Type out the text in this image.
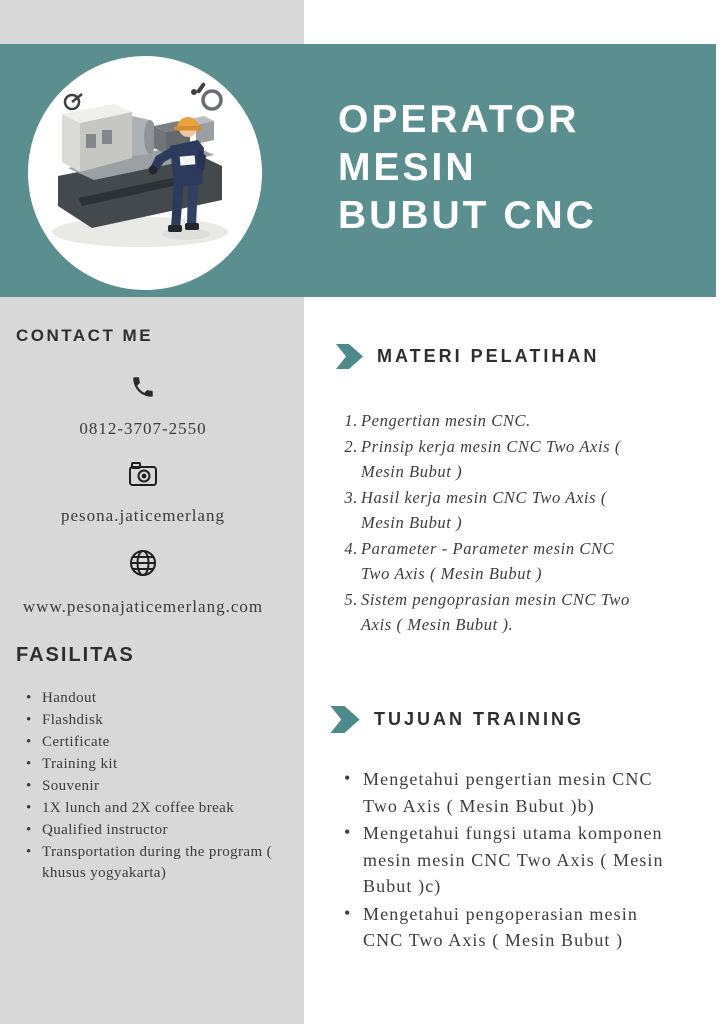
OPERATOR
MESIN
BUBUT CNC
CONTACT ME
0812-3707-2550
pesona.jaticemerlang
www.pesonajaticemerlang.com
FASILITAS
• Handout
• Flashdisk
• Certificate
• Training kit
• Souvenir
• 1X lunch and 2X coffee break
• Qualified instructor
• Transportation during the program ( khusus yogyakarta)
MATERI PELATIHAN
Pengertian mesin CNC.
Prinsip kerja mesin CNC Two Axis ( Mesin Bubut )
Hasil kerja mesin CNC Two Axis ( Mesin Bubut )
Parameter - Parameter mesin CNC Two Axis ( Mesin Bubut )
Sistem pengoprasian mesin CNC Two Axis ( Mesin Bubut ).
TUJUAN TRAINING
• Mengetahui pengertian mesin CNC Two Axis ( Mesin Bubut )b)
• Mengetahui fungsi utama komponen mesin mesin CNC Two Axis ( Mesin Bubut )c)
• Mengetahui pengoperasian mesin CNC Two Axis ( Mesin Bubut )
